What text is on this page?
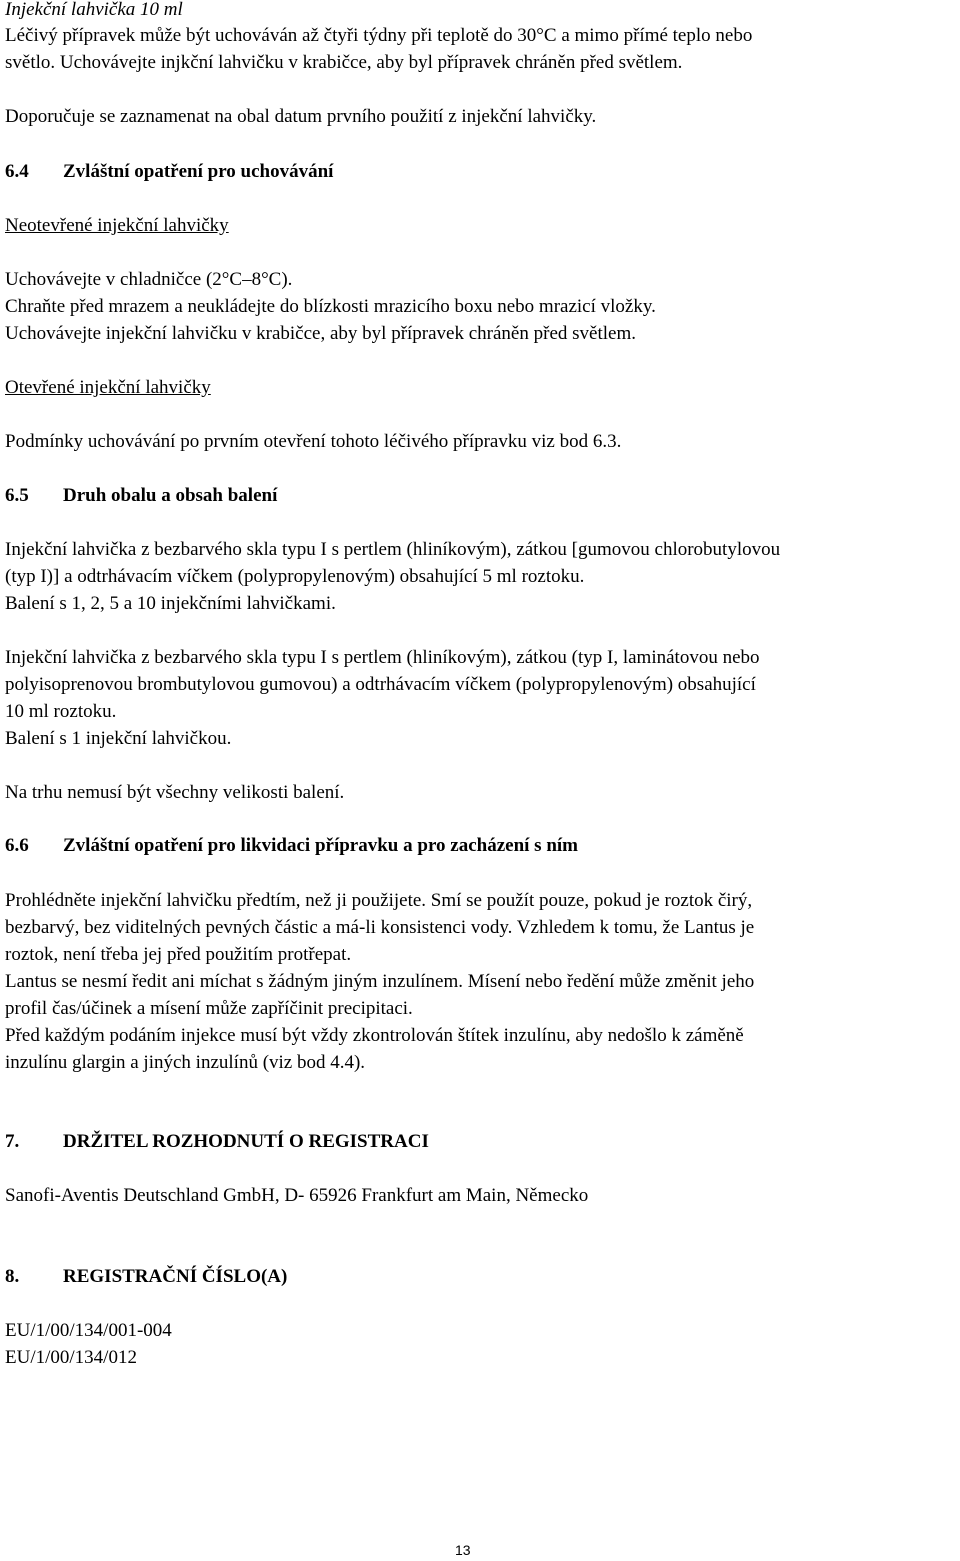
Injekční lahvička 10 ml
Léčivý přípravek může být uchováván až čtyři týdny při teplotě do 30°C a mimo přímé teplo nebo
světlo. Uchovávejte injkční lahvičku v krabičce, aby byl přípravek chráněn před světlem.
Doporučuje se zaznamenat na obal datum prvního použití z injekční lahvičky.
6.4 Zvláštní opatření pro uchovávání
Neotevřené injekční lahvičky
Uchovávejte v chladničce (2°C–8°C).
Chraňte před mrazem a neukládejte do blízkosti mrazicího boxu nebo mrazicí vložky.
Uchovávejte injekční lahvičku v krabičce, aby byl přípravek chráněn před světlem.
Otevřené injekční lahvičky
Podmínky uchovávání po prvním otevření tohoto léčivého přípravku viz bod 6.3.
6.5 Druh obalu a obsah balení
Injekční lahvička z bezbarvého skla typu I s pertlem (hliníkovým), zátkou [gumovou chlorobutylovou
(typ I)] a odtrhávacím víčkem (polypropylenovým) obsahující 5 ml roztoku.
Balení s 1, 2, 5 a 10 injekčními lahvičkami.
Injekční lahvička z bezbarvého skla typu I s pertlem (hliníkovým), zátkou (typ I, laminátovou nebo
polyisoprenovou brombutylovou gumovou) a odtrhávacím víčkem (polypropylenovým) obsahující
10 ml roztoku.
Balení s 1 injekční lahvičkou.
Na trhu nemusí být všechny velikosti balení.
6.6 Zvláštní opatření pro likvidaci přípravku a pro zacházení s ním
Prohlédněte injekční lahvičku předtím, než ji použijete. Smí se použít pouze, pokud je roztok čirý,
bezbarvý, bez viditelných pevných částic a má-li konsistenci vody. Vzhledem k tomu, že Lantus je
roztok, není třeba jej před použitím protřepat.
Lantus se nesmí ředit ani míchat s žádným jiným inzulínem. Mísení nebo ředění může změnit jeho
profil čas/účinek a mísení může zapříčinit precipitaci.
Před každým podáním injekce musí být vždy zkontrolován štítek inzulínu, aby nedošlo k záměně
inzulínu glargin a jiných inzulínů (viz bod 4.4).
7. DRŽITEL ROZHODNUTÍ O REGISTRACI
Sanofi-Aventis Deutschland GmbH, D- 65926 Frankfurt am Main, Německo
8. REGISTRAČNÍ ČÍSLO(A)
EU/1/00/134/001-004
EU/1/00/134/012
13
